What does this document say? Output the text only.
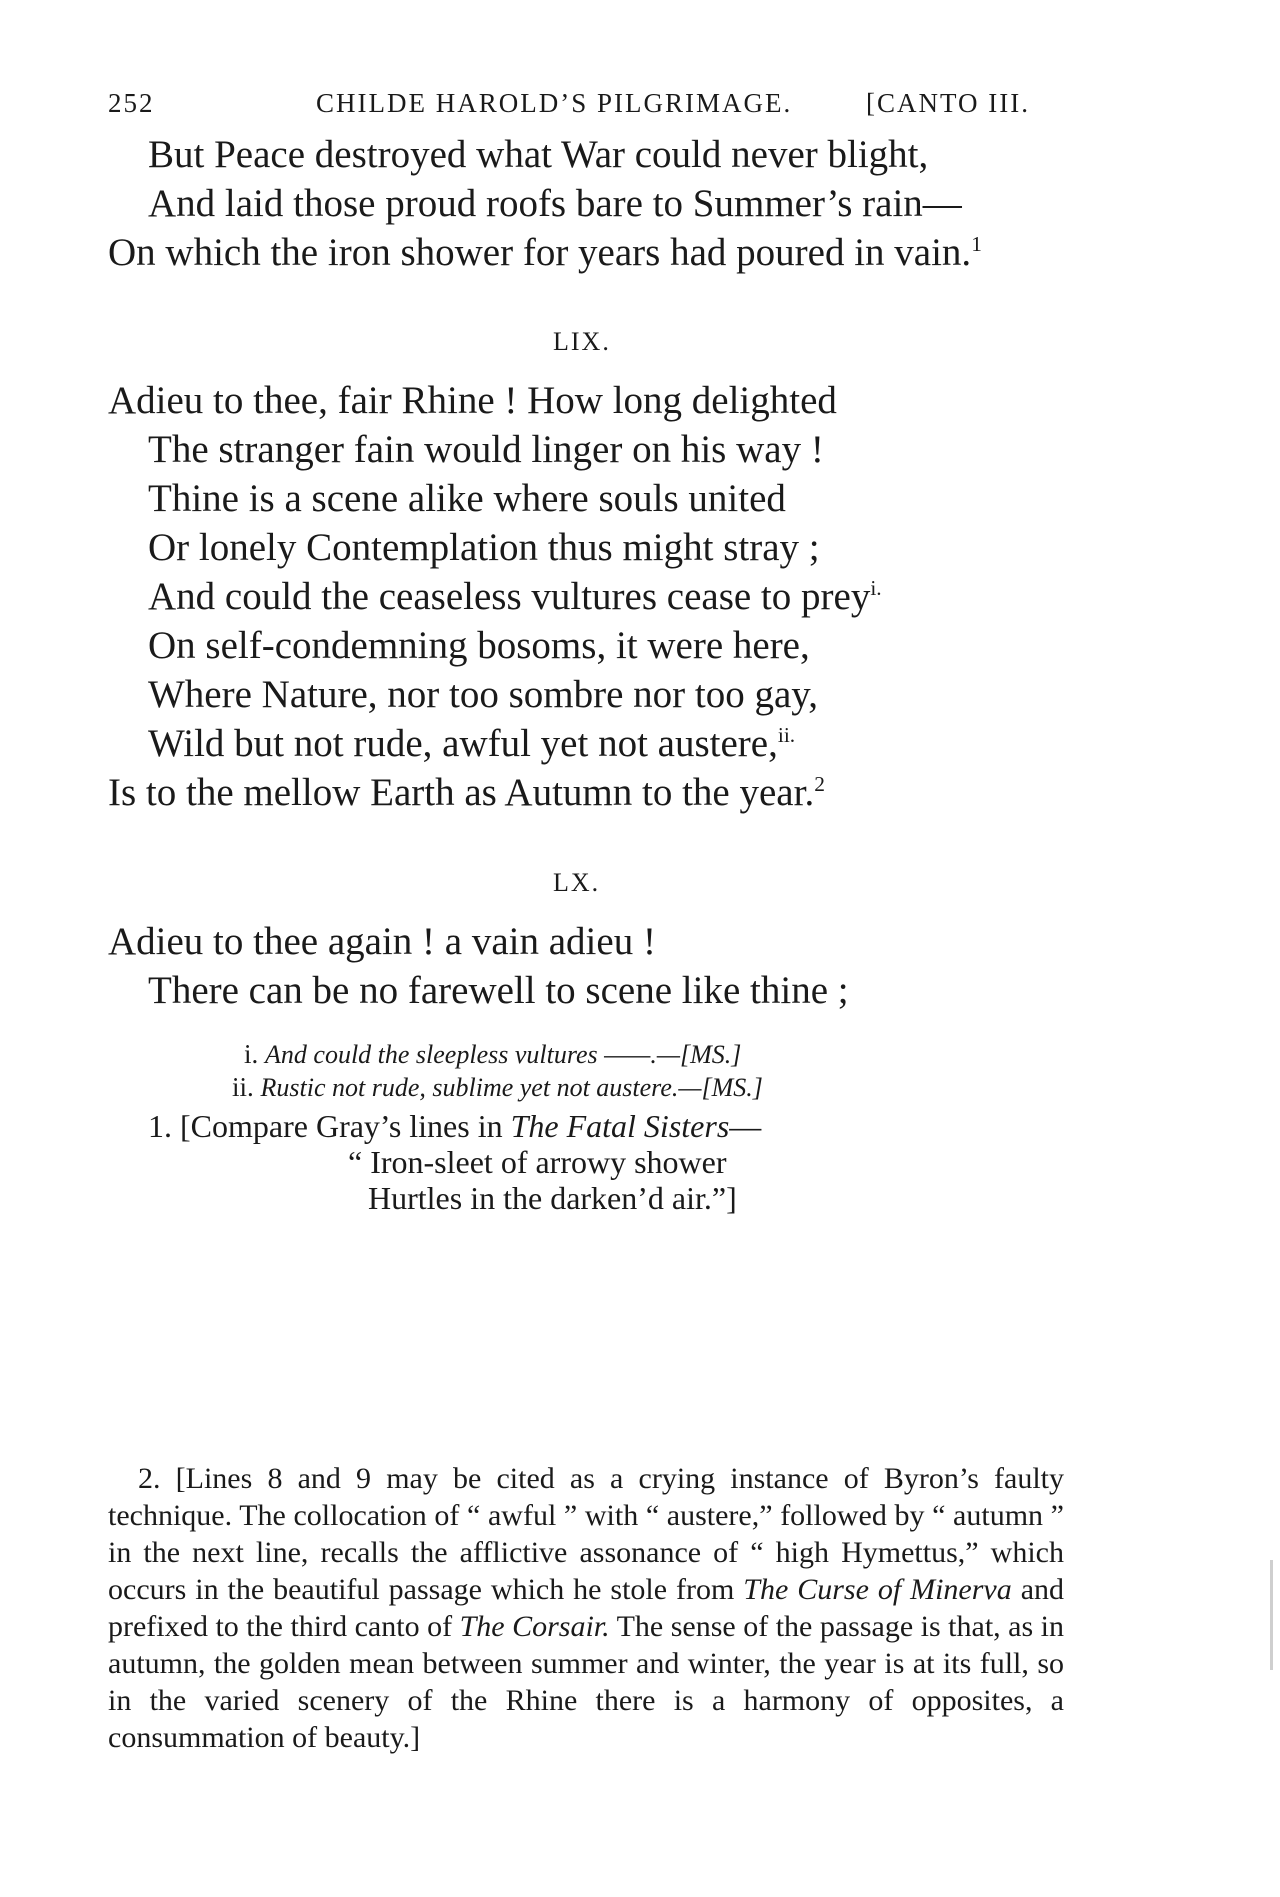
252	CHILDE HAROLD’S PILGRIMAGE.	[CANTO III.
But Peace destroyed what War could never blight,
And laid those proud roofs bare to Summer’s rain—
On which the iron shower for years had poured in vain.$^1$
LIX.
Adieu to thee, fair Rhine ! How long delighted
The stranger fain would linger on his way !
Thine is a scene alike where souls united
Or lonely Contemplation thus might stray ;
And could the ceaseless vultures cease to prey$^{i.}$
On self-condemning bosoms, it were here,
Where Nature, nor too sombre nor too gay,
Wild but not rude, awful yet not austere,$^{ii.}$
Is to the mellow Earth as Autumn to the year.$^2$
LX.
Adieu to thee again ! a vain adieu !
There can be no farewell to scene like thine ;
i. And could the sleepless vultures ——.—[MS.]
ii. Rustic not rude, sublime yet not austere.—[MS.]
1. [Compare Gray’s lines in The Fatal Sisters—
“ Iron-sleet of arrowy shower
Hurtles in the darken’d air.”]

2. [Lines 8 and 9 may be cited as a crying instance of Byron’s faulty technique. The collocation of “ awful ” with “ austere,” followed by “ autumn ” in the next line, recalls the afflictive assonance of “ high Hymettus,” which occurs in the beautiful passage which he stole from The Curse of Minerva and prefixed to the third canto of The Corsair. The sense of the passage is that, as in autumn, the golden mean between summer and winter, the year is at its full, so in the varied scenery of the Rhine there is a harmony of opposites, a consummation of beauty.]
